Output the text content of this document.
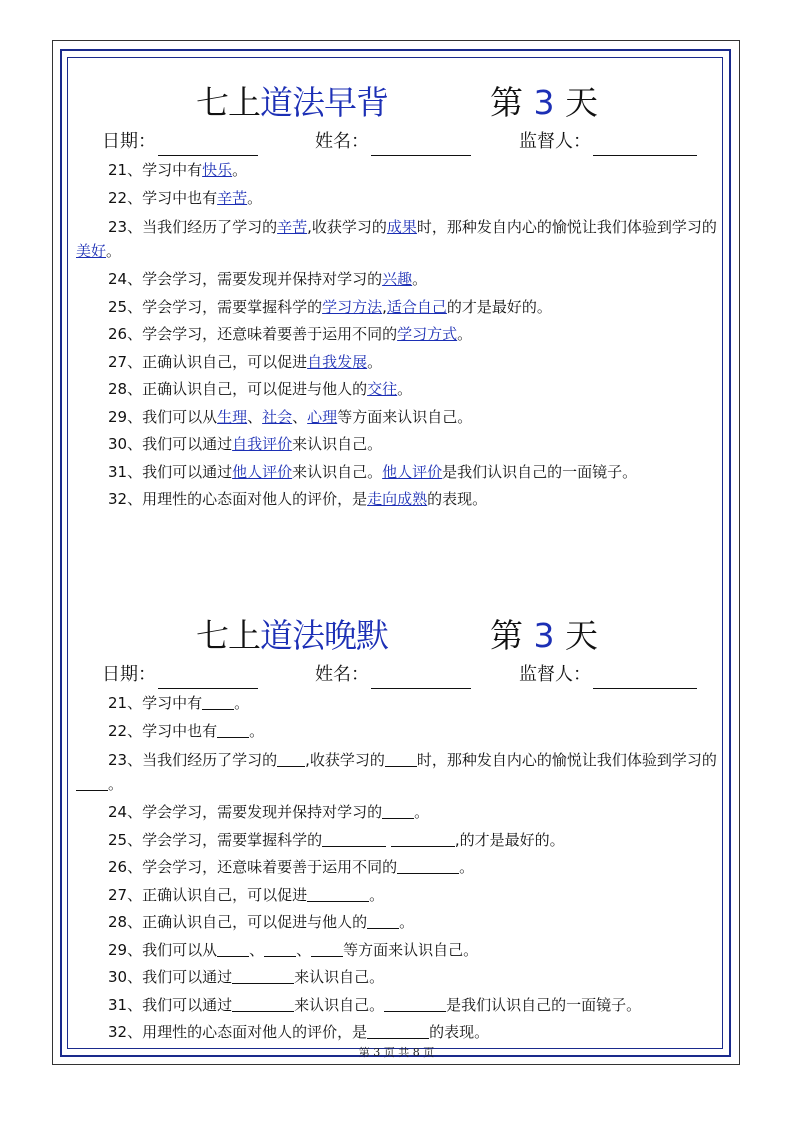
七上道法早背	第 3 天
日期：	姓名：	监督人：
21、学习中有快乐。
22、学习中也有辛苦。
23、当我们经历了学习的辛苦,收获学习的成果时，那种发自内心的愉悦让我们体验到学习的美好。
24、学会学习，需要发现并保持对学习的兴趣。
25、学会学习，需要掌握科学的学习方法,适合自己的才是最好的。
26、学会学习，还意味着要善于运用不同的学习方式。
27、正确认识自己，可以促进自我发展。
28、正确认识自己，可以促进与他人的交往。
29、我们可以从生理、社会、心理等方面来认识自己。
30、我们可以通过自我评价来认识自己。
31、我们可以通过他人评价来认识自己。他人评价是我们认识自己的一面镜子。
32、用理性的心态面对他人的评价，是走向成熟的表现。
七上道法晚默	第 3 天
日期：	姓名：	监督人：
21、学习中有 。
22、学习中也有 。
23、当我们经历了学习的 ,收获学习的 时，那种发自内心的愉悦让我们体验到学习的。
24、学会学习，需要发现并保持对学习的 。
25、学会学习，需要掌握科学的	,的才是最好的。
26、学会学习，还意味着要善于运用不同的	。
27、正确认识自己，可以促进	。
28、正确认识自己，可以促进与他人的 。
29、我们可以从 、 、 等方面来认识自己。
30、我们可以通过	来认识自己。
31、我们可以通过	来认识自己。	是我们认识自己的一面镜子。
32、用理性的心态面对他人的评价，是	的表现。
第 3 页 共 8 页
